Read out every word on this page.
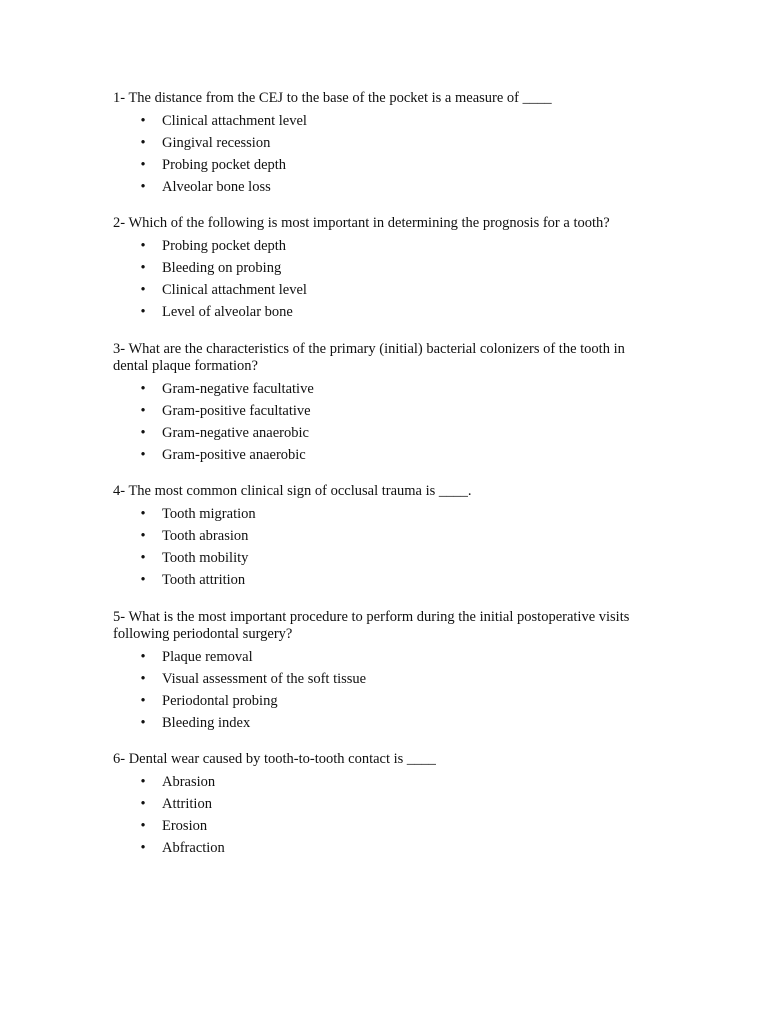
1- The distance from the CEJ to the base of the pocket is a measure of ____

• Clinical attachment level
• Gingival recession
• Probing pocket depth
• Alveolar bone loss

2- Which of the following is most important in determining the prognosis for a tooth?

• Probing pocket depth
• Bleeding on probing
• Clinical attachment level
• Level of alveolar bone

3- What are the characteristics of the primary (initial) bacterial colonizers of the tooth in dental plaque formation?

• Gram-negative facultative
• Gram-positive facultative
• Gram-negative anaerobic
• Gram-positive anaerobic

4- The most common clinical sign of occlusal trauma is ____.

• Tooth migration
• Tooth abrasion
• Tooth mobility
• Tooth attrition

5- What is the most important procedure to perform during the initial postoperative visits following periodontal surgery?

• Plaque removal
• Visual assessment of the soft tissue
• Periodontal probing
• Bleeding index

6- Dental wear caused by tooth-to-tooth contact is ____

• Abrasion
• Attrition
• Erosion
• Abfraction
